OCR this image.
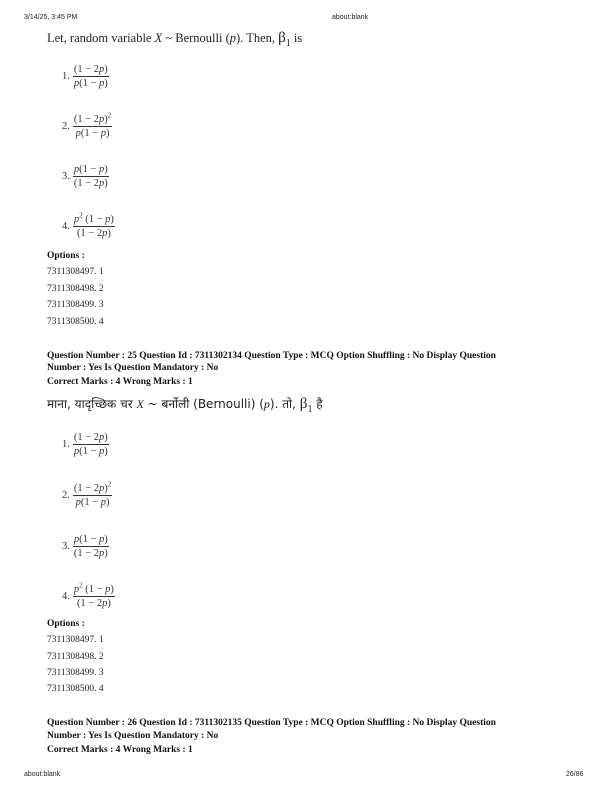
3/14/25, 3:45 PM	about:blank
Let, random variable X ~ Bernoulli (p). Then, $\beta_1$ is
1. $\frac{(1 - 2p)}{p(1 - p)}$
2. $\frac{(1 - 2p)^2}{p(1 - p)}$
3. $\frac{p(1 - p)}{(1 - 2p)}$
4. $\frac{p^2 (1 - p)}{(1 - 2p)}$
Options :
7311308497. 1
7311308498. 2
7311308499. 3
7311308500. 4
Question Number : 25 Question Id : 7311302134 Question Type : MCQ Option Shuffling : No Display Question
Number : Yes Is Question Mandatory : No
Correct Marks : 4 Wrong Marks : 1
माना, यादृच्छिक चर X ~ बर्नोली (Bernoulli) (p). तो, $\beta_1$ है
1. $\frac{(1 - 2p)}{p(1 - p)}$
2. $\frac{(1 - 2p)^2}{p(1 - p)}$
3. $\frac{p(1 - p)}{(1 - 2p)}$
4. $\frac{p^2 (1 - p)}{(1 - 2p)}$
Options :
7311308497. 1
7311308498. 2
7311308499. 3
7311308500. 4
Question Number : 26 Question Id : 7311302135 Question Type : MCQ Option Shuffling : No Display Question
Number : Yes Is Question Mandatory : No
Correct Marks : 4 Wrong Marks : 1
about:blank	26/86
